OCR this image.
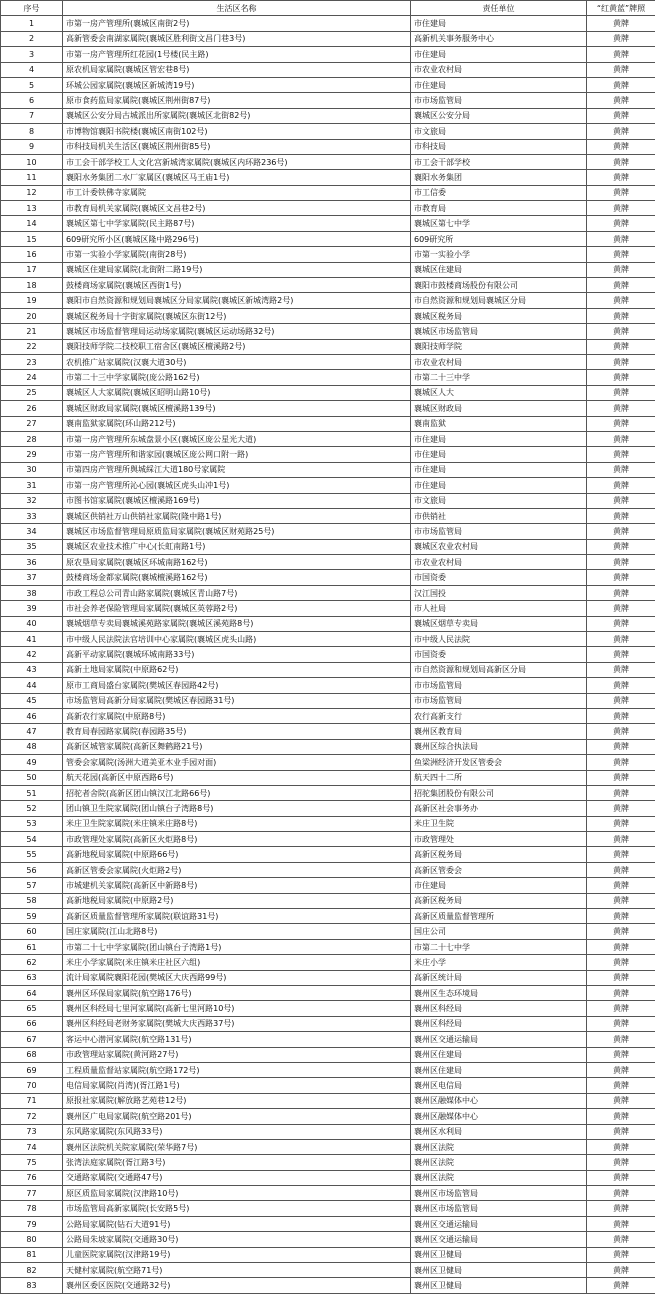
序号	生活区名称	责任单位	“红黄蓝”牌照
1	市第一房产管理所(襄城区南街2号)	市住建局	黄牌
2	高新管委会南湖家属院(襄城区胜利街文昌门巷3号)	高新机关事务服务中心	黄牌
3	市第一房产管理所红花园(1号楼(民主路)	市住建局	黄牌
4	原农机局家属院(襄城区管宏巷8号)	市农业农村局	黄牌
5	环城公园家属院(襄城区新城湾19号)	市住建局	黄牌
6	原市食药监局家属院(襄城区荆州街87号)	市市场监管局	黄牌
7	襄城区公安分局古城派出所家属院(襄城区北街82号)	襄城区公安分局	黄牌
8	市博物馆襄阳书院楼(襄城区南街102号)	市文旅局	黄牌
9	市科技局机关生活区(襄城区荆州街85号)	市科技局	黄牌
10	市工会干部学校工人文化宫新城湾家属院(襄城区内环路236号)	市工会干部学校	黄牌
11	襄阳水务集团二水厂家属区(襄城区马王庙1号)	襄阳水务集团	黄牌
12	市工计委铁佛寺家属院	市工信委	黄牌
13	市教育局机关家属院(襄城区文昌巷2号)	市教育局	黄牌
14	襄城区第七中学家属院(民主路87号)	襄城区第七中学	黄牌
15	609研究所小区(襄城区隆中路296号)	609研究所	黄牌
16	市第一实验小学家属院(南街28号)	市第一实验小学	黄牌
17	襄城区住建局家属院(北街附二路19号)	襄城区住建局	黄牌
18	鼓楼商场家属院(襄城区西街1号)	襄阳市鼓楼商场股份有限公司	黄牌
19	襄阳市自然资源和规划局襄城区分局家属院(襄城区新城湾路2号)	市自然资源和规划局襄城区分局	黄牌
20	襄城区税务局十字街家属院(襄城区东街12号)	襄城区税务局	黄牌
21	襄城区市场监督管理局运动场家属院(襄城区运动场路32号)	襄城区市场监管局	黄牌
22	襄阳技师学院二技校职工宿舍区(襄城区檀溪路2号)	襄阳技师学院	黄牌
23	农机推广站家属院(汉襄大道30号)	市农业农村局	黄牌
24	市第二十三中学家属院(庞公路162号)	市第二十三中学	黄牌
25	襄城区人大家属院(襄城区昭明山路10号)	襄城区人大	黄牌
26	襄城区财政局家属院(襄城区檀溪路139号)	襄城区财政局	黄牌
27	襄南监狱家属院(环山路212号)	襄南监狱	黄牌
28	市第一房产管理所东城盘景小区(襄城区庞公星光大道)	市住建局	黄牌
29	市第一房产管理所和谐家园(襄城区庞公网口附一路)	市住建局	黄牌
30	市第四房产管理所舆城綵江大道180号家属院	市住建局	黄牌
31	市第一房产管理所沁心园(襄城区虎头山冲1号)	市住建局	黄牌
32	市图书馆家属院(襄城区檀溪路169号)	市文旅局	黄牌
33	襄城区供销社万山供销社家属院(隆中路1号)	市供销社	黄牌
34	襄城区市场监督管理局原质监局家属院(襄城区财苑路25号)	市市场监管局	黄牌
35	襄城区农业技术推广中心(长虹南路1号)	襄城区农业农村局	黄牌
36	原农垦局家属院(襄城区环城南路162号)	市农业农村局	黄牌
37	鼓楼商场金都家属院(襄城檀溪路162号)	市国资委	黄牌
38	市政工程总公司青山路家属院(襄城区青山路7号)	汉江国投	黄牌
39	市社会养老保险管理局家属院(襄城区英蓉路2号)	市人社局	黄牌
40	襄城烟草专卖局襄城溪苑路家属院(襄城区溪苑路8号)	襄城区烟草专卖局	黄牌
41	市中级人民法院法官培训中心家属院(襄城区虎头山路)	市中级人民法院	黄牌
42	高新平动家属院(襄城环城南路33号)	市国资委	黄牌
43	高新土地局家属院(中原路62号)	市自然资源和规划局高新区分局	黄牌
44	原市工商局盛台家属院(樊城区春园路42号)	市市场监管局	黄牌
45	市场监管局高新分局家属院(樊城区春园路31号)	市市场监管局	黄牌
46	高新农行家属院(中原路8号)	农行高新支行	黄牌
47	教育局春园路家属院(春园路35号)	襄州区教育局	黄牌
48	高新区城管家属院(高新区舞鹤路21号)	襄州区综合执法局	黄牌
49	管委会家属院(汤洲大道美亚木业手园对面)	鱼梁洲经济开发区管委会	黄牌
50	航天花园(高新区中原西路6号)	航天四十二所	黄牌
51	招驼者舍院(高新区团山镇汉江北路66号)	招驼集团股份有限公司	黄牌
52	团山镇卫生院家属院(团山镇台子湾路8号)	高新区社会事务办	黄牌
53	米庄卫生院家属院(米庄镇米庄路8号)	米庄卫生院	黄牌
54	市政管理处家属院(高新区火炬路8号)	市政管理处	黄牌
55	高新地税局家属院(中原路66号)	高新区税务局	黄牌
56	高新区管委会家属院(火炬路2号)	高新区管委会	黄牌
57	市城建机关家属院(高新区中新路8号)	市住建局	黄牌
58	高新地税局家属院(中原路2号)	高新区税务局	黄牌
59	高新区质量监督管理所家属院(联谊路31号)	高新区质量监督管理所	黄牌
60	国庄家属院(江山北路8号)	国庄公司	黄牌
61	市第二十七中学家属院(团山镇台子湾路1号)	市第二十七中学	黄牌
62	米庄小学家属院(米庄镇米庄社区六组)	米庄小学	黄牌
63	流计局家属院襄阳花园(樊城区大庆西路99号)	高新区统计局	黄牌
64	襄州区环保局家属院(航空路176号)	襄州区生态环境局	黄牌
65	襄州区科经局七里河家属院(高新七里河路10号)	襄州区科经局	黄牌
66	襄州区科经局老财务家属院(樊城大庆西路37号)	襄州区科经局	黄牌
67	客运中心潜河家属院(航空路131号)	襄州区交通运输局	黄牌
68	市政管理站家属院(黄河路27号)	襄州区住建局	黄牌
69	工程质量监督站家属院(航空路172号)	襄州区住建局	黄牌
70	电信局家属院(肖湾)(胥江路1号)	襄州区电信局	黄牌
71	原报社家属院(解放路艺苑巷12号)	襄州区融媒体中心	黄牌
72	襄州区广电局家属院(航空路201号)	襄州区融媒体中心	黄牌
73	东风路家属院(东风路33号)	襄州区水利局	黄牌
74	襄州区法院机关院家属院(荣华路7号)	襄州区法院	黄牌
75	张湾法庭家属院(胥江路3号)	襄州区法院	黄牌
76	交通路家属院(交通路47号)	襄州区法院	黄牌
77	原区质监局家属院(汉津路10号)	襄州区市场监管局	黄牌
78	市场监管局高新家属院(长安路5号)	襄州区市场监管局	黄牌
79	公路局家属院(钻石大道91号)	襄州区交通运输局	黄牌
80	公路局朱坡家属院(交通路30号)	襄州区交通运输局	黄牌
81	儿童医院家属院(汉津路19号)	襄州区卫健局	黄牌
82	天健村家属院(航空路71号)	襄州区卫健局	黄牌
83	襄州区委区医院(交通路32号)	襄州区卫健局	黄牌
